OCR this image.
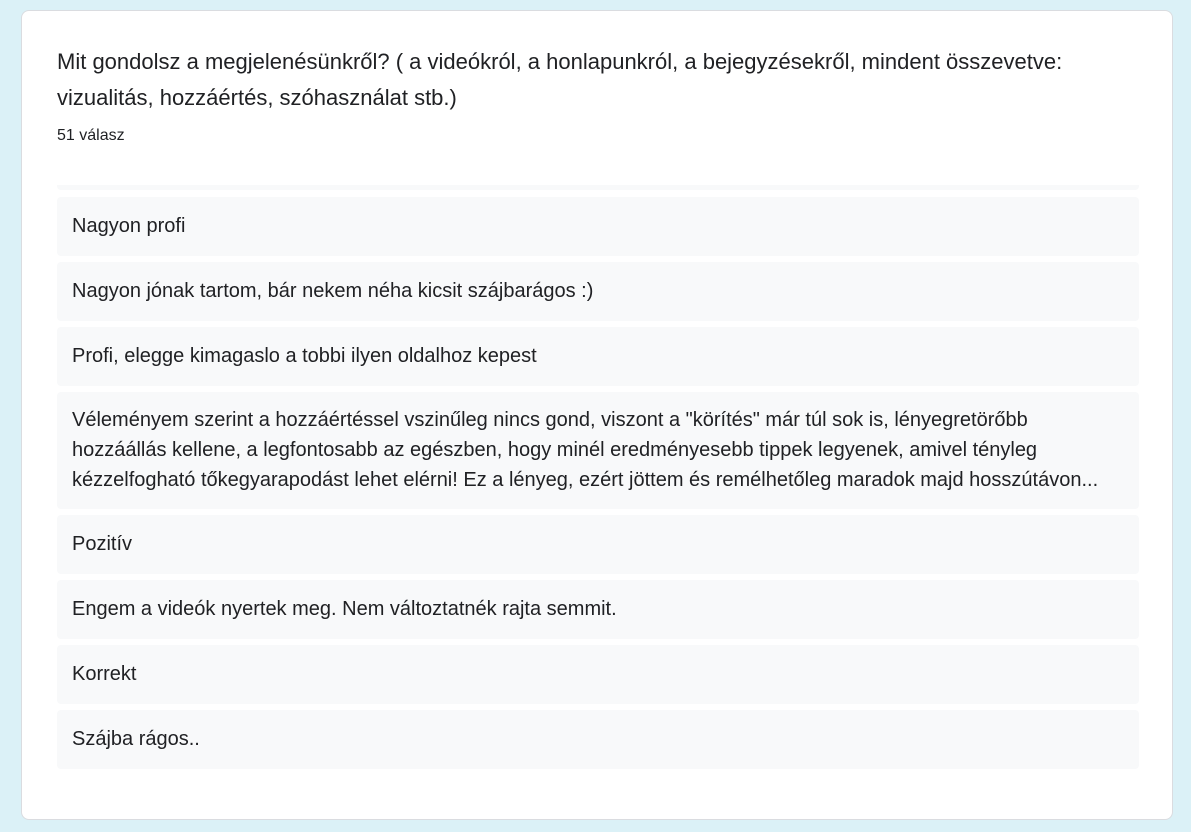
Mit gondolsz a megjelenésünkről? ( a videókról, a honlapunkról, a bejegyzésekről, mindent összevetve: vizualitás, hozzáértés, szóhasználat stb.)
51 válasz
Nagyon profi
Nagyon jónak tartom, bár nekem néha kicsit szájbarágos :)
Profi, elegge kimagaslo a tobbi ilyen oldalhoz kepest
Véleményem szerint a hozzáértéssel vszinűleg nincs gond, viszont a "körítés" már túl sok is, lényegretörőbb hozzáállás kellene, a legfontosabb az egészben, hogy minél eredményesebb tippek legyenek, amivel tényleg kézzelfogható tőkegyarapodást lehet elérni! Ez a lényeg, ezért jöttem és remélhetőleg maradok majd hosszútávon...
Pozitív
Engem a videók nyertek meg. Nem változtatnék rajta semmit.
Korrekt
Szájba rágos..
